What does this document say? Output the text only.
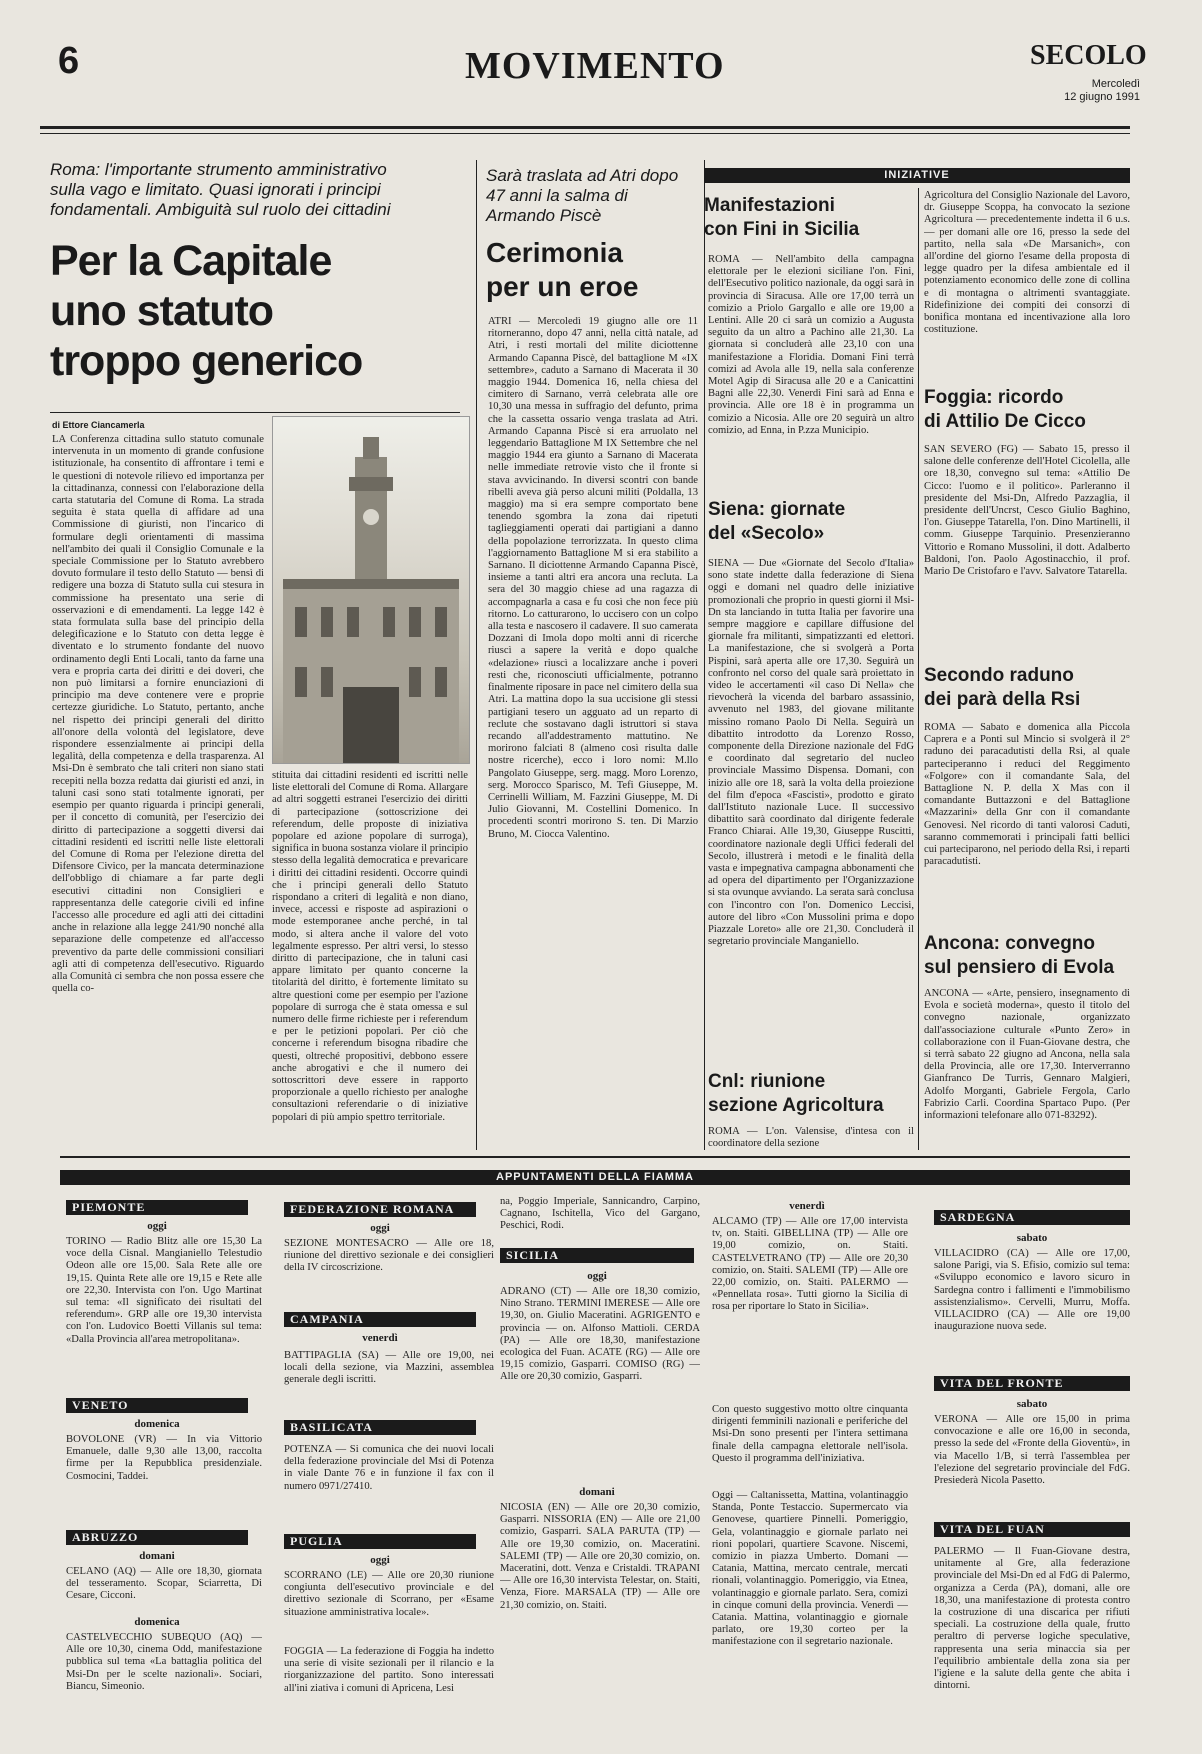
6	MOVIMENTO	SECOLO
Mercoledì
12 giugno 1991
Roma: l'importante strumento amministrativo sulla vago e limitato. Quasi ignorati i principi fondamentali. Ambiguità sul ruolo dei cittadini
Per la Capitale
uno statuto
troppo generico
di Ettore Ciancamerla
LA Conferenza cittadina sullo statuto comunale intervenuta in un momento di grande confusione istituzionale, ha consentito di affrontare i temi e le questioni di notevole rilievo ed importanza per la cittadinanza, connessi con l'elaborazione della carta statutaria del Comune di Roma. La strada seguita è stata quella di affidare ad una Commissione di giuristi, non l'incarico di formulare degli orientamenti di massima nell'ambito dei quali il Consiglio Comunale e la speciale Commissione per lo Statuto avrebbero dovuto formulare il testo dello Statuto — bensì di redigere una bozza di Statuto sulla cui stesura in commissione ha presentato una serie di osservazioni e di emendamenti. La legge 142 è stata formulata sulla base del principio della delegificazione e lo Statuto con detta legge è diventato e lo strumento fondante del nuovo ordinamento degli Enti Locali, tanto da farne una vera e propria carta dei diritti e dei doveri, che non può limitarsi a fornire enunciazioni di principio ma deve contenere vere e proprie certezze giuridiche. Lo Statuto, pertanto, anche nel rispetto dei principi generali del diritto all'onore della volontà del legislatore, deve rispondere essenzialmente ai principi della legalità, della competenza e della trasparenza. Al Msi-Dn è sembrato che tali criteri non siano stati recepiti nella bozza redatta dai giuristi ed anzi, in taluni casi sono stati totalmente ignorati, per esempio per quanto riguarda i principi generali, per il concetto di comunità, per l'esercizio dei diritto di partecipazione a soggetti diversi dai cittadini residenti ed iscritti nelle liste elettorali del Comune di Roma per l'elezione diretta del Difensore Civico, per la mancata determinazione dell'obbligo di chiamare a far parte degli esecutivi cittadini non Consiglieri e rappresentanza delle categorie civili ed infine l'accesso alle procedure ed agli atti dei cittadini anche in relazione alla legge 241/90 nonché alla separazione delle competenze ed all'accesso preventivo da parte delle commissioni consiliari agli atti di competenza dell'esecutivo. Riguardo alla Comunità ci sembra che non possa essere che quella co-
stituita dai cittadini residenti ed iscritti nelle liste elettorali del Comune di Roma. Allargare ad altri soggetti estranei l'esercizio dei diritti di partecipazione (sottoscrizione dei referendum, delle proposte di iniziativa popolare ed azione popolare di surroga), significa in buona sostanza violare il principio stesso della legalità democratica e prevaricare i diritti dei cittadini residenti. Occorre quindi che i principi generali dello Statuto rispondano a criteri di legalità e non diano, invece, accessi e risposte ad aspirazioni o mode estemporanee anche perché, in tal modo, si altera anche il valore del voto legalmente espresso. Per altri versi, lo stesso diritto di partecipazione, che in taluni casi appare limitato per quanto concerne la titolarità del diritto, è fortemente limitato su altre questioni come per esempio per l'azione popolare di surroga che è stata omessa e sul numero delle firme richieste per i referendum e per le petizioni popolari. Per ciò che concerne i referendum bisogna ribadire che questi, oltreché propositivi, debbono essere anche abrogativi e che il numero dei sottoscrittori deve essere in rapporto proporzionale a quello richiesto per analoghe consultazioni referendarie o di iniziative popolari di più ampio spettro territoriale.
Sarà traslata ad Atri dopo 47 anni la salma di Armando Piscè
Cerimonia
per un eroe
ATRI — Mercoledì 19 giugno alle ore 11 ritorneranno, dopo 47 anni, nella città natale, ad Atri, i resti mortali del milite diciottenne Armando Capanna Piscè, del battaglione M «IX settembre», caduto a Sarnano di Macerata il 30 maggio 1944. Domenica 16, nella chiesa del cimitero di Sarnano, verrà celebrata alle ore 10,30 una messa in suffragio del defunto, prima che la cassetta ossario venga traslata ad Atri. Armando Capanna Piscè si era arruolato nel leggendario Battaglione M IX Settembre che nel maggio 1944 era giunto a Sarnano di Macerata nelle immediate retrovie visto che il fronte si stava avvicinando. In diversi scontri con bande ribelli aveva già perso alcuni militi (Poldalla, 13 maggio) ma si era sempre comportato bene tenendo sgombra la zona dai ripetuti taglieggiamenti operati dai partigiani a danno della popolazione terrorizzata. In questo clima l'aggiornamento Battaglione M si era stabilito a Sarnano. Il diciottenne Armando Capanna Piscè, insieme a tanti altri era ancora una recluta. La sera del 30 maggio chiese ad una ragazza di accompagnarla a casa e fu così che non fece più ritorno. Lo catturarono, lo uccisero con un colpo alla testa e nascosero il cadavere. Il suo camerata Dozzani di Imola dopo molti anni di ricerche riuscì a sapere la verità e dopo qualche «delazione» riuscì a localizzare anche i poveri resti che, riconosciuti ufficialmente, potranno finalmente riposare in pace nel cimitero della sua Atri. La mattina dopo la sua uccisione gli stessi partigiani tesero un agguato ad un reparto di reclute che sostavano dagli istruttori si stava recando all'addestramento mattutino. Ne morirono falciati 8 (almeno così risulta dalle nostre ricerche), ecco i loro nomi: M.llo Pangolato Giuseppe, serg. magg. Moro Lorenzo, serg. Morocco Sparisco, M. Tefi Giuseppe, M. Cerrinelli William, M. Fazzini Giuseppe, M. Di Julio Giovanni, M. Costellini Domenico. In procedenti scontri morirono S. ten. Di Marzio Bruno, M. Ciocca Valentino.
INIZIATIVE
Manifestazioni
con Fini in Sicilia
ROMA — Nell'ambito della campagna elettorale per le elezioni siciliane l'on. Fini, dell'Esecutivo politico nazionale, da oggi sarà in provincia di Siracusa. Alle ore 17,00 terrà un comizio a Priolo Gargallo e alle ore 19,00 a Lentini. Alle 20 ci sarà un comizio a Augusta seguito da un altro a Pachino alle 21,30. La giornata si concluderà alle 23,10 con una manifestazione a Floridia. Domani Fini terrà comizi ad Avola alle 19, nella sala conferenze Motel Agip di Siracusa alle 20 e a Canicattini Bagni alle 22,30. Venerdì Fini sarà ad Enna e provincia. Alle ore 18 è in programma un comizio a Nicosia. Alle ore 20 seguirà un altro comizio, ad Enna, in P.zza Municipio.
Siena: giornate
del «Secolo»
SIENA — Due «Giornate del Secolo d'Italia» sono state indette dalla federazione di Siena oggi e domani nel quadro delle iniziative promozionali che proprio in questi giorni il Msi-Dn sta lanciando in tutta Italia per favorire una sempre maggiore e capillare diffusione del giornale fra militanti, simpatizzanti ed elettori. La manifestazione, che si svolgerà a Porta Pispini, sarà aperta alle ore 17,30. Seguirà un confronto nel corso del quale sarà proiettato in video le accertamenti «il caso Di Nella» che rievocherà la vicenda del barbaro assassinio, avvenuto nel 1983, del giovane militante missino romano Paolo Di Nella. Seguirà un dibattito introdotto da Lorenzo Rosso, componente della Direzione nazionale del FdG e coordinato dal segretario del nucleo provinciale Massimo Dispensa. Domani, con inizio alle ore 18, sarà la volta della proiezione del film d'epoca «Fascisti», prodotto e girato dall'Istituto nazionale Luce. Il successivo dibattito sarà coordinato dal dirigente federale Franco Chiarai. Alle 19,30, Giuseppe Ruscitti, coordinatore nazionale degli Uffici federali del Secolo, illustrerà i metodi e le finalità della vasta e impegnativa campagna abbonamenti che ad opera del dipartimento per l'Organizzazione si sta ovunque avviando. La serata sarà conclusa con l'incontro con l'on. Domenico Leccisi, autore del libro «Con Mussolini prima e dopo Piazzale Loreto» alle ore 21,30. Concluderà il segretario provinciale Manganiello.
Cnl: riunione
sezione Agricoltura
ROMA — L'on. Valensise, d'intesa con il coordinatore della sezione
Agricoltura del Consiglio Nazionale del Lavoro, dr. Giuseppe Scoppa, ha convocato la sezione Agricoltura — precedentemente indetta il 6 u.s. — per domani alle ore 16, presso la sede del partito, nella sala «De Marsanich», con all'ordine del giorno l'esame della proposta di legge quadro per la difesa ambientale ed il potenziamento economico delle zone di collina e di montagna o altrimenti svantaggiate. Ridefinizione dei compiti dei consorzi di bonifica montana ed incentivazione alla loro costituzione.
Foggia: ricordo
di Attilio De Cicco
SAN SEVERO (FG) — Sabato 15, presso il salone delle conferenze dell'Hotel Cicolella, alle ore 18,30, convegno sul tema: «Attilio De Cicco: l'uomo e il politico». Parleranno il presidente del Msi-Dn, Alfredo Pazzaglia, il presidente dell'Uncrst, Cesco Giulio Baghino, l'on. Giuseppe Tatarella, l'on. Dino Martinelli, il comm. Giuseppe Tarquinio. Presenzieranno Vittorio e Romano Mussolini, il dott. Adalberto Baldoni, l'on. Paolo Agostinacchio, il prof. Mario De Cristofaro e l'avv. Salvatore Tatarella.
Secondo raduno
dei parà della Rsi
ROMA — Sabato e domenica alla Piccola Caprera e a Ponti sul Mincio si svolgerà il 2° raduno dei paracadutisti della Rsi, al quale parteciperanno i reduci del Reggimento «Folgore» con il comandante Sala, del Battaglione N. P. della X Mas con il comandante Buttazzoni e del Battaglione «Mazzarini» della Gnr con il comandante Genovesi. Nel ricordo di tanti valorosi Caduti, saranno commemorati i principali fatti bellici cui parteciparono, nel periodo della Rsi, i reparti paracadutisti.
Ancona: convegno
sul pensiero di Evola
ANCONA — «Arte, pensiero, insegnamento di Evola e società moderna», questo il titolo del convegno nazionale, organizzato dall'associazione culturale «Punto Zero» in collaborazione con il Fuan-Giovane destra, che si terrà sabato 22 giugno ad Ancona, nella sala della Provincia, alle ore 17,30. Interverranno Gianfranco De Turris, Gennaro Malgieri, Adolfo Morganti, Gabriele Fergola, Carlo Fabrizio Carli. Coordina Spartaco Pupo. (Per informazioni telefonare allo 071-83292).
APPUNTAMENTI DELLA FIAMMA
PIEMONTE
oggi
TORINO — Radio Blitz alle ore 15,30 La voce della Cisnal. Mangianiello Telestudio Odeon alle ore 15,00. Sala Rete alle ore 19,15. Quinta Rete alle ore 19,15 e Rete alle ore 22,30. Intervista con l'on. Ugo Martinat sul tema: «Il significato dei risultati del referendum». GRP alle ore 19,30 intervista con l'on. Ludovico Boetti Villanis sul tema: «Dalla Provincia all'area metropolitana».
VENETO
domenica
BOVOLONE (VR) — In via Vittorio Emanuele, dalle 9,30 alle 13,00, raccolta firme per la Repubblica presidenziale. Cosmocini, Taddei.
ABRUZZO
domani
CELANO (AQ) — Alle ore 18,30, giornata del tesseramento. Scopar, Sciarretta, Di Cesare, Cicconi.
domenica
CASTELVECCHIO SUBEQUO (AQ) — Alle ore 10,30, cinema Odd, manifestazione pubblica sul tema «La battaglia politica del Msi-Dn per le scelte nazionali». Sociari, Biancu, Simeonio.
FEDERAZIONE ROMANA
oggi
SEZIONE MONTESACRO — Alle ore 18, riunione del direttivo sezionale e dei consiglieri della IV circoscrizione.
CAMPANIA
venerdì
BATTIPAGLIA (SA) — Alle ore 19,00, nei locali della sezione, via Mazzini, assemblea generale degli iscritti.
BASILICATA
POTENZA — Si comunica che dei nuovi locali della federazione provinciale del Msi di Potenza in viale Dante 76 e in funzione il fax con il numero 0971/27410.
PUGLIA
oggi
SCORRANO (LE) — Alle ore 20,30 riunione congiunta dell'esecutivo provinciale e del direttivo sezionale di Scorrano, per «Esame situazione amministrativa locale».
FOGGIA — La federazione di Foggia ha indetto una serie di visite sezionali per il rilancio e la riorganizzazione del partito. Sono interessati all'ini ziativa i comuni di Apricena, Lesi
na, Poggio Imperiale, Sannicandro, Carpino, Cagnano, Ischitella, Vico del Gargano, Peschici, Rodi.
SICILIA
oggi
ADRANO (CT) — Alle ore 18,30 comizio, Nino Strano. TERMINI IMERESE — Alle ore 19,30, on. Giulio Maceratini. AGRIGENTO e provincia — on. Alfonso Mattioli. CERDA (PA) — Alle ore 18,30, manifestazione ecologica del Fuan. ACATE (RG) — Alle ore 19,15 comizio, Gasparri. COMISO (RG) — Alle ore 20,30 comizio, Gasparri.
domani
NICOSIA (EN) — Alle ore 20,30 comizio, Gasparri. NISSORIA (EN) — Alle ore 21,00 comizio, Gasparri. SALA PARUTA (TP) — Alle ore 19,30 comizio, on. Maceratini. SALEMI (TP) — Alle ore 20,30 comizio, on. Maceratini, dott. Venza e Cristaldi. TRAPANI — Alle ore 16,30 intervista Telestar, on. Staiti, Venza, Fiore. MARSALA (TP) — Alle ore 21,30 comizio, on. Staiti.
venerdì
ALCAMO (TP) — Alle ore 17,00 intervista tv, on. Staiti. GIBELLINA (TP) — Alle ore 19,00 comizio, on. Staiti. CASTELVETRANO (TP) — Alle ore 20,30 comizio, on. Staiti. SALEMI (TP) — Alle ore 22,00 comizio, on. Staiti. PALERMO — «Pennellata rosa». Tutti giorno la Sicilia di rosa per riportare lo Stato in Sicilia».
Con questo suggestivo motto oltre cinquanta dirigenti femminili nazionali e periferiche del Msi-Dn sono presenti per l'intera settimana finale della campagna elettorale nell'isola. Questo il programma dell'iniziativa.
Oggi — Caltanissetta, Mattina, volantinaggio Standa, Ponte Testaccio. Supermercato via Genovese, quartiere Pinnelli. Pomeriggio, Gela, volantinaggio e giornale parlato nei rioni popolari, quartiere Scavone. Niscemi, comizio in piazza Umberto. Domani — Catania, Mattina, mercato centrale, mercati rionali, volantinaggio. Pomeriggio, via Etnea, volantinaggio e giornale parlato. Sera, comizi in cinque comuni della provincia. Venerdì — Catania. Mattina, volantinaggio e giornale parlato, ore 19,30 corteo per la manifestazione con il segretario nazionale.
SARDEGNA
sabato
VILLACIDRO (CA) — Alle ore 17,00, salone Parigi, via S. Efisio, comizio sul tema: «Sviluppo economico e lavoro sicuro in Sardegna contro i fallimenti e l'immobilismo assistenzialismo». Cervelli, Murru, Moffa. VILLACIDRO (CA) — Alle ore 19,00 inaugurazione nuova sede.
VITA DEL FRONTE
sabato
VERONA — Alle ore 15,00 in prima convocazione e alle ore 16,00 in seconda, presso la sede del «Fronte della Gioventù», in via Macello 1/B, si terrà l'assemblea per l'elezione del segretario provinciale del FdG. Presiederà Nicola Pasetto.
VITA DEL FUAN
PALERMO — Il Fuan-Giovane destra, unitamente al Gre, alla federazione provinciale del Msi-Dn ed al FdG di Palermo, organizza a Cerda (PA), domani, alle ore 18,30, una manifestazione di protesta contro la costruzione di una discarica per rifiuti speciali. La costruzione della quale, frutto peraltro di perverse logiche speculative, rappresenta una seria minaccia sia per l'equilibrio ambientale della zona sia per l'igiene e la salute della gente che abita i dintorni.
